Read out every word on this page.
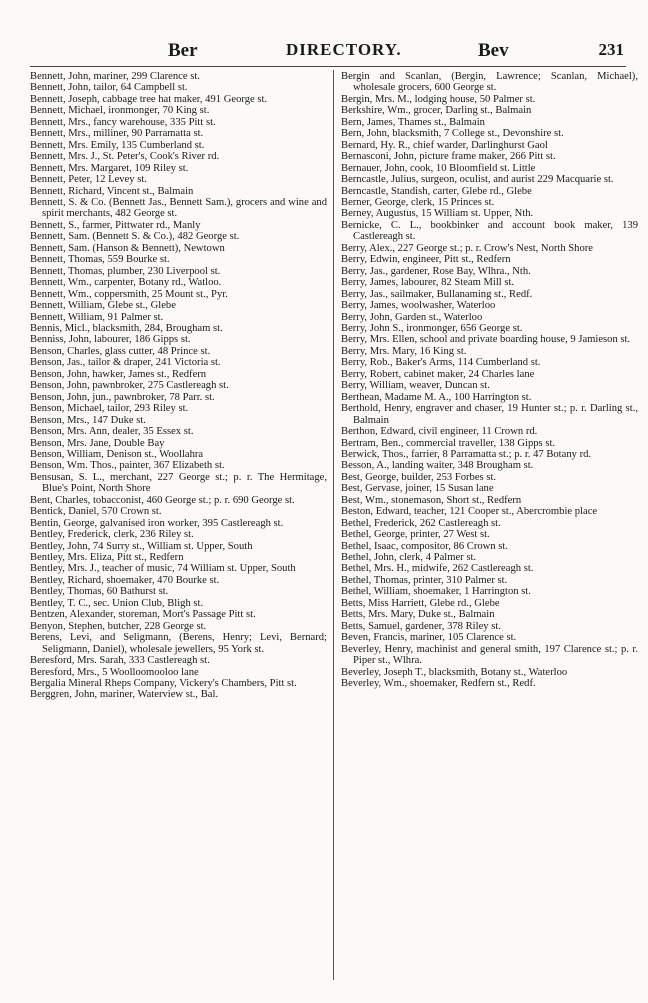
Ber	DIRECTORY.	Bev	231
Bennett, John, mariner, 299 Clarence st.
Bennett, John, tailor, 64 Campbell st.
Bennett, Joseph, cabbage tree hat maker, 491 George st.
Bennett, Michael, ironmonger, 70 King st.
Bennett, Mrs., fancy warehouse, 335 Pitt st.
Bennett, Mrs., milliner, 90 Parramatta st.
Bennett, Mrs. Emily, 135 Cumberland st.
Bennett, Mrs. J., St. Peter's, Cook's River rd.
Bennett, Mrs. Margaret, 109 Riley st.
Bennett, Peter, 12 Levey st.
Bennett, Richard, Vincent st., Balmain
Bennett, S. & Co. (Bennett Jas., Bennett Sam.), grocers and wine and spirit merchants, 482 George st.
Bennett, S., farmer, Pittwater rd., Manly
Bennett, Sam. (Bennett S. & Co.), 482 George st.
Bennett, Sam. (Hanson & Bennett), Newtown
Bennett, Thomas, 559 Bourke st.
Bennett, Thomas, plumber, 230 Liverpool st.
Bennett, Wm., carpenter, Botany rd., Watloo.
Bennett, Wm., coppersmith, 25 Mount st., Pyr.
Bennett, William, Glebe st., Glebe
Bennett, William, 91 Palmer st.
Bennis, Micl., blacksmith, 284, Brougham st.
Benniss, John, labourer, 186 Gipps st.
Benson, Charles, glass cutter, 48 Prince st.
Benson, Jas., tailor & draper, 241 Victoria st.
Benson, John, hawker, James st., Redfern
Benson, John, pawnbroker, 275 Castlereagh st.
Benson, John, jun., pawnbroker, 78 Parr. st.
Benson, Michael, tailor, 293 Riley st.
Benson, Mrs., 147 Duke st.
Benson, Mrs. Ann, dealer, 35 Essex st.
Benson, Mrs. Jane, Double Bay
Benson, William, Denison st., Woollahra
Benson, Wm. Thos., painter, 367 Elizabeth st.
Bensusan, S. L., merchant, 227 George st.; p. r. The Hermitage, Blue's Point, North Shore
Bent, Charles, tobacconist, 460 George st.; p. r. 690 George st.
Bentick, Daniel, 570 Crown st.
Bentin, George, galvanised iron worker, 395 Castlereagh st.
Bentley, Frederick, clerk, 236 Riley st.
Bentley, John, 74 Surry st., William st. Upper, South
Bentley, Mrs. Eliza, Pitt st., Redfern
Bentley, Mrs. J., teacher of music, 74 William st. Upper, South
Bentley, Richard, shoemaker, 470 Bourke st.
Bentley, Thomas, 60 Bathurst st.
Bentley, T. C., sec. Union Club, Bligh st.
Bentzen, Alexander, storeman, Mort's Passage Pitt st.
Benyon, Stephen, butcher, 228 George st.
Berens, Levi, and Seligmann, (Berens, Henry; Levi, Bernard; Seligmann, Daniel), wholesale jewellers, 95 York st.
Beresford, Mrs. Sarah, 333 Castlereagh st.
Beresford, Mrs., 5 Woolloomooloo lane
Bergalia Mineral Rheps Company, Vickery's Chambers, Pitt st.
Berggren, John, mariner, Waterview st., Bal.
Bergin and Scanlan, (Bergin, Lawrence; Scanlan, Michael), wholesale grocers, 600 George st.
Bergin, Mrs. M., lodging house, 50 Palmer st.
Berkshire, Wm., grocer, Darling st., Balmain
Bern, James, Thames st., Balmain
Bern, John, blacksmith, 7 College st., Devonshire st.
Bernard, Hy. R., chief warder, Darlinghurst Gaol
Bernasconi, John, picture frame maker, 266 Pitt st.
Bernauer, John, cook, 10 Bloomfield st. Little
Berncastle, Julius, surgeon, oculist, and aurist 229 Macquarie st.
Berncastle, Standish, carter, Glebe rd., Glebe
Berner, George, clerk, 15 Princes st.
Berney, Augustus, 15 William st. Upper, Nth.
Bernicke, C. L., bookbinker and account book maker, 139 Castlereagh st.
Berry, Alex., 227 George st.; p. r. Crow's Nest, North Shore
Berry, Edwin, engineer, Pitt st., Redfern
Berry, Jas., gardener, Rose Bay, Wlhra., Nth.
Berry, James, labourer, 82 Steam Mill st.
Berry, Jas., sailmaker, Bullanaming st., Redf.
Berry, James, woolwasher, Waterloo
Berry, John, Garden st., Waterloo
Berry, John S., ironmonger, 656 George st.
Berry, Mrs. Ellen, school and private boarding house, 9 Jamieson st.
Berry, Mrs. Mary, 16 King st.
Berry, Rob., Baker's Arms, 114 Cumberland st.
Berry, Robert, cabinet maker, 24 Charles lane
Berry, William, weaver, Duncan st.
Berthean, Madame M. A., 100 Harrington st.
Berthold, Henry, engraver and chaser, 19 Hunter st.; p. r. Darling st., Balmain
Berthon, Edward, civil engineer, 11 Crown rd.
Bertram, Ben., commercial traveller, 138 Gipps st.
Berwick, Thos., farrier, 8 Parramatta st.; p. r. 47 Botany rd.
Besson, A., landing waiter, 348 Brougham st.
Best, George, builder, 253 Forbes st.
Best, Gervase, joiner, 15 Susan lane
Best, Wm., stonemason, Short st., Redfern
Beston, Edward, teacher, 121 Cooper st., Abercrombie place
Bethel, Frederick, 262 Castlereagh st.
Bethel, George, printer, 27 West st.
Bethel, Isaac, compositor, 86 Crown st.
Bethel, John, clerk, 4 Palmer st.
Bethel, Mrs. H., midwife, 262 Castlereagh st.
Bethel, Thomas, printer, 310 Palmer st.
Bethel, William, shoemaker, 1 Harrington st.
Betts, Miss Harriett, Glebe rd., Glebe
Betts, Mrs. Mary, Duke st., Balmain
Betts, Samuel, gardener, 378 Riley st.
Beven, Francis, mariner, 105 Clarence st.
Beverley, Henry, machinist and general smith, 197 Clarence st.; p. r. Piper st., Wlhra.
Beverley, Joseph T., blacksmith, Botany st., Waterloo
Beverley, Wm., shoemaker, Redfern st., Redf.
